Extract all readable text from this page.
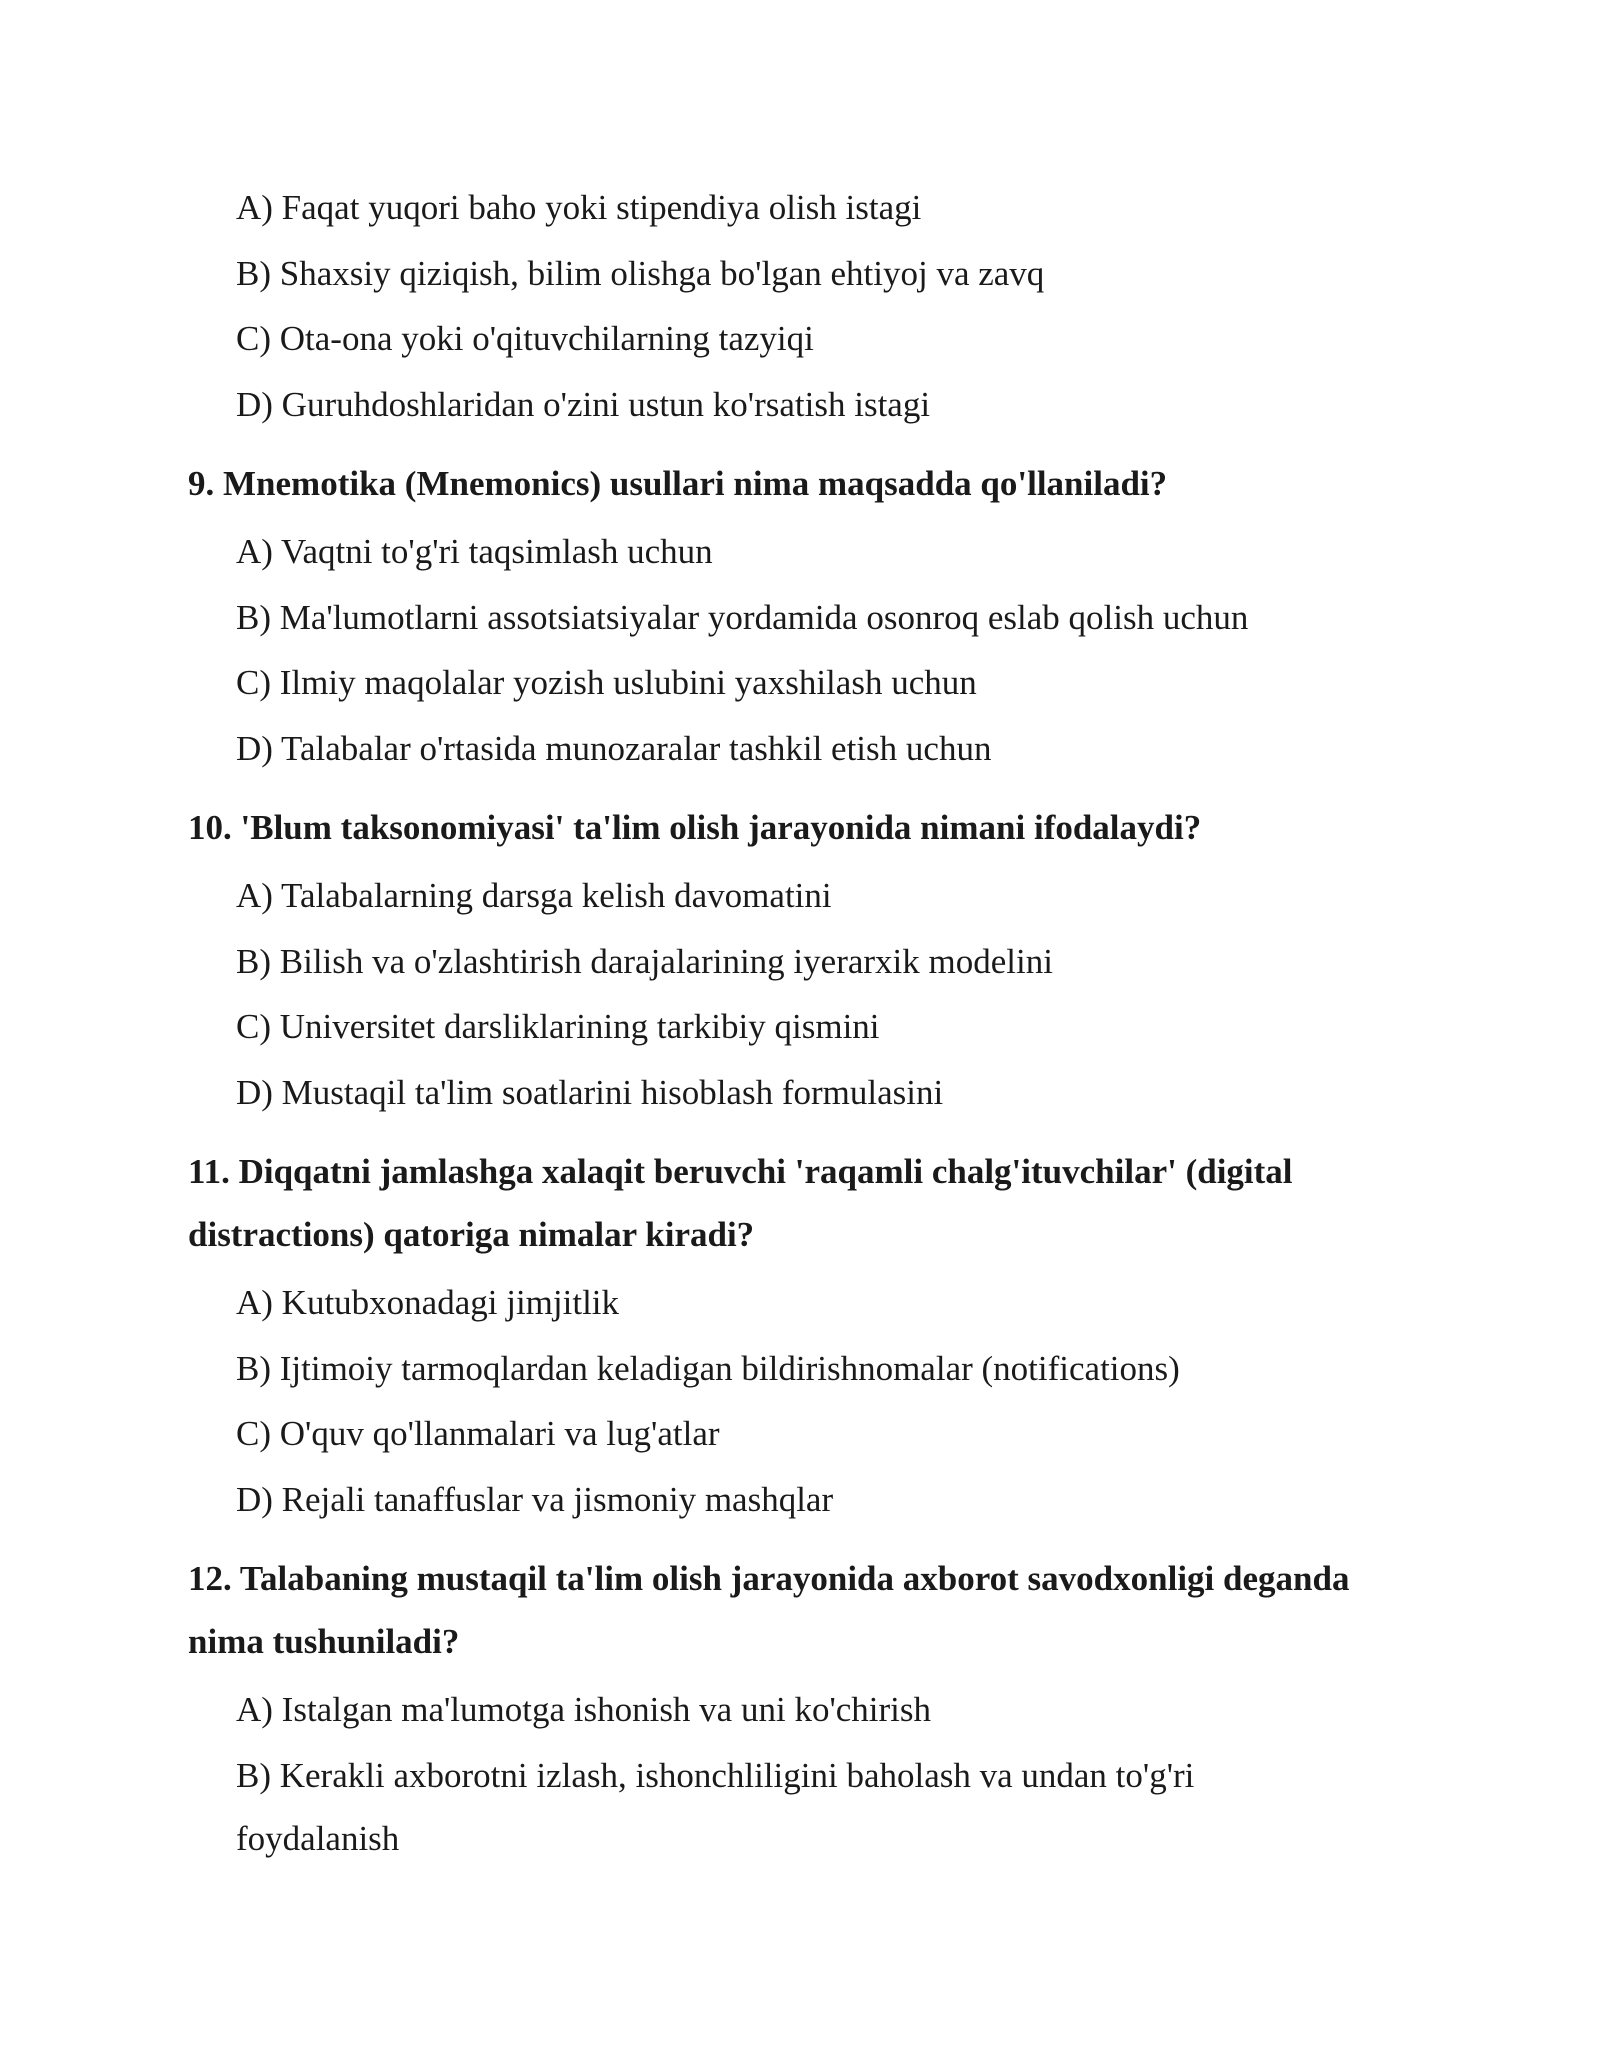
A) Faqat yuqori baho yoki stipendiya olish istagi
B) Shaxsiy qiziqish, bilim olishga bo'lgan ehtiyoj va zavq
C) Ota-ona yoki o'qituvchilarning tazyiqi
D) Guruhdoshlaridan o'zini ustun ko'rsatish istagi
9. Mnemotika (Mnemonics) usullari nima maqsadda qo'llaniladi?
A) Vaqtni to'g'ri taqsimlash uchun
B) Ma'lumotlarni assotsiatsiyalar yordamida osonroq eslab qolish uchun
C) Ilmiy maqolalar yozish uslubini yaxshilash uchun
D) Talabalar o'rtasida munozaralar tashkil etish uchun
10. 'Blum taksonomiyasi' ta'lim olish jarayonida nimani ifodalaydi?
A) Talabalarning darsga kelish davomatini
B) Bilish va o'zlashtirish darajalarining iyerarxik modelini
C) Universitet darsliklarining tarkibiy qismini
D) Mustaqil ta'lim soatlarini hisoblash formulasini
11. Diqqatni jamlashga xalaqit beruvchi 'raqamli chalg'ituvchilar' (digital
distractions) qatoriga nimalar kiradi?
A) Kutubxonadagi jimjitlik
B) Ijtimoiy tarmoqlardan keladigan bildirishnomalar (notifications)
C) O'quv qo'llanmalari va lug'atlar
D) Rejali tanaffuslar va jismoniy mashqlar
12. Talabaning mustaqil ta'lim olish jarayonida axborot savodxonligi deganda
nima tushuniladi?
A) Istalgan ma'lumotga ishonish va uni ko'chirish
B) Kerakli axborotni izlash, ishonchliligini baholash va undan to'g'ri
foydalanish
